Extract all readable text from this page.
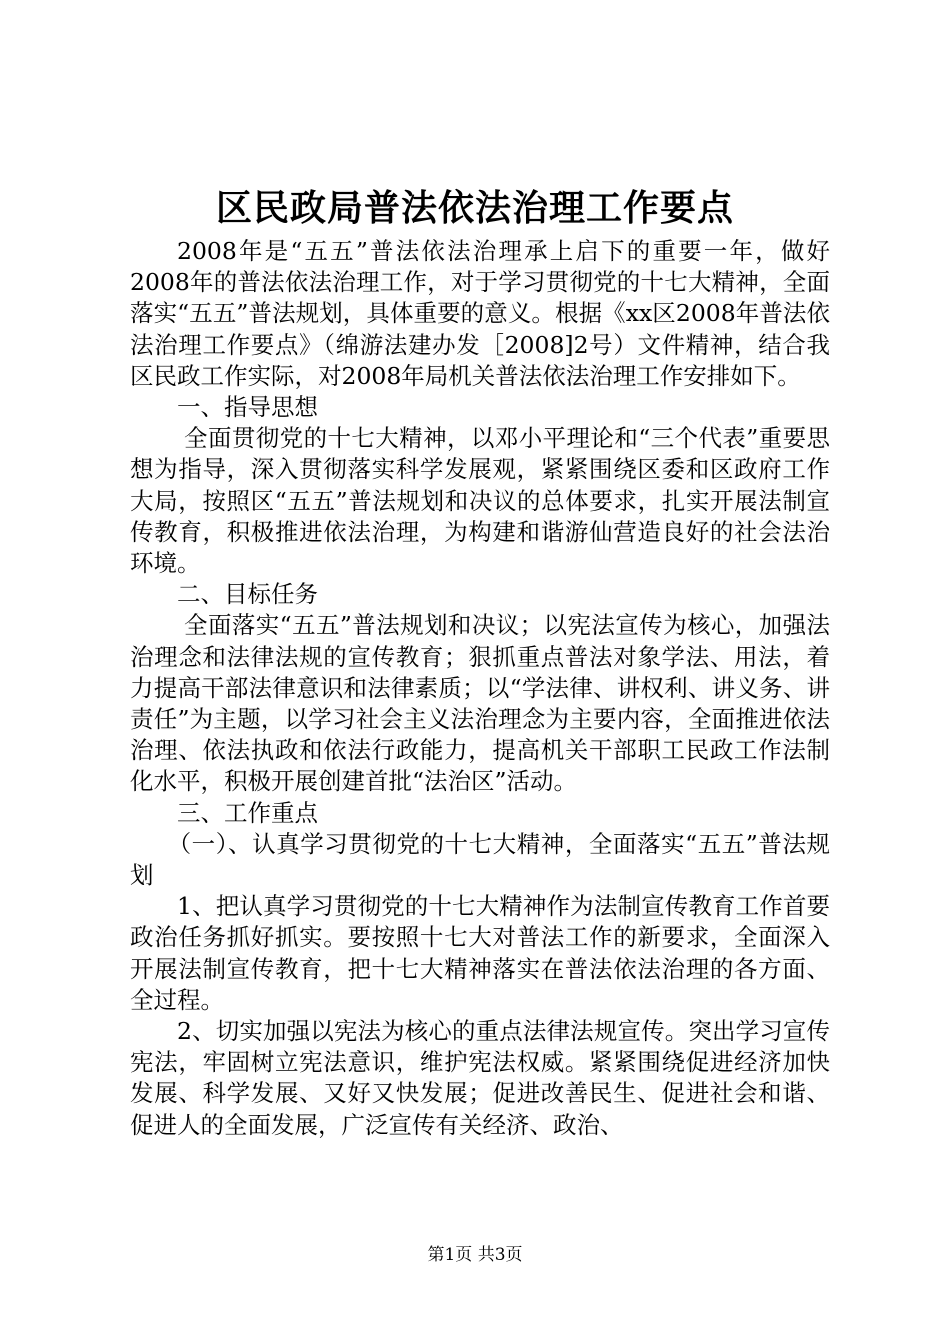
区民政局普法依法治理工作要点

2008年是“五五”普法依法治理承上启下的重要一年，做好2008年的普法依法治理工作，对于学习贯彻党的十七大精神，全面落实“五五”普法规划，具体重要的意义。根据《xx区2008年普法依法治理工作要点》（绵游法建办发［2008]2号）文件精神，结合我区民政工作实际，对2008年局机关普法依法治理工作安排如下。

一、指导思想

全面贯彻党的十七大精神，以邓小平理论和“三个代表”重要思想为指导，深入贯彻落实科学发展观，紧紧围绕区委和区政府工作大局，按照区“五五”普法规划和决议的总体要求，扎实开展法制宣传教育，积极推进依法治理，为构建和谐游仙营造良好的社会法治环境。

二、目标任务

全面落实“五五”普法规划和决议；以宪法宣传为核心，加强法治理念和法律法规的宣传教育；狠抓重点普法对象学法、用法，着力提高干部法律意识和法律素质；以“学法律、讲权利、讲义务、讲责任”为主题，以学习社会主义法治理念为主要内容，全面推进依法治理、依法执政和依法行政能力，提高机关干部职工民政工作法制化水平，积极开展创建首批“法治区”活动。

三、工作重点

（一）、认真学习贯彻党的十七大精神，全面落实“五五”普法规划

1、把认真学习贯彻党的十七大精神作为法制宣传教育工作首要政治任务抓好抓实。要按照十七大对普法工作的新要求，全面深入开展法制宣传教育，把十七大精神落实在普法依法治理的各方面、全过程。

2、切实加强以宪法为核心的重点法律法规宣传。突出学习宣传宪法，牢固树立宪法意识，维护宪法权威。紧紧围绕促进经济加快发展、科学发展、又好又快发展；促进改善民生、促进社会和谐、促进人的全面发展，广泛宣传有关经济、政治、

第1页 共3页
